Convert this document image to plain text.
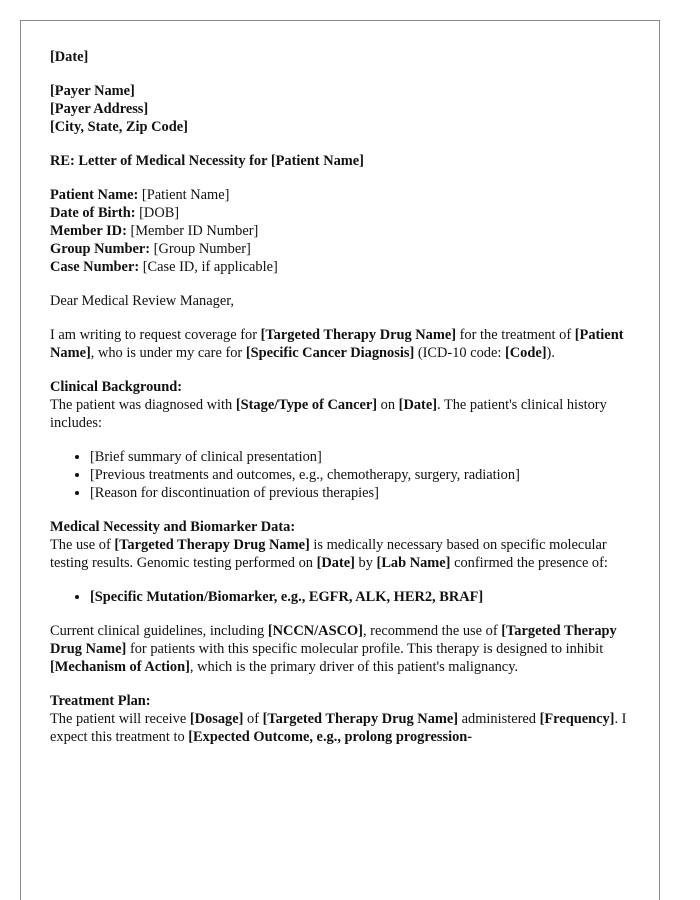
[Date]

[Payer Name]
[Payer Address]
[City, State, Zip Code]

RE: Letter of Medical Necessity for [Patient Name]

Patient Name: [Patient Name]
Date of Birth: [DOB]
Member ID: [Member ID Number]
Group Number: [Group Number]
Case Number: [Case ID, if applicable]

Dear Medical Review Manager,

I am writing to request coverage for [Targeted Therapy Drug Name] for the treatment of [Patient Name], who is under my care for [Specific Cancer Diagnosis] (ICD-10 code: [Code]).

Clinical Background:
The patient was diagnosed with [Stage/Type of Cancer] on [Date]. The patient's clinical history includes:

• [Brief summary of clinical presentation]
• [Previous treatments and outcomes, e.g., chemotherapy, surgery, radiation]
• [Reason for discontinuation of previous therapies]

Medical Necessity and Biomarker Data:
The use of [Targeted Therapy Drug Name] is medically necessary based on specific molecular testing results. Genomic testing performed on [Date] by [Lab Name] confirmed the presence of:

• [Specific Mutation/Biomarker, e.g., EGFR, ALK, HER2, BRAF]

Current clinical guidelines, including [NCCN/ASCO], recommend the use of [Targeted Therapy Drug Name] for patients with this specific molecular profile. This therapy is designed to inhibit [Mechanism of Action], which is the primary driver of this patient's malignancy.

Treatment Plan:
The patient will receive [Dosage] of [Targeted Therapy Drug Name] administered [Frequency]. I expect this treatment to [Expected Outcome, e.g., prolong progression-
